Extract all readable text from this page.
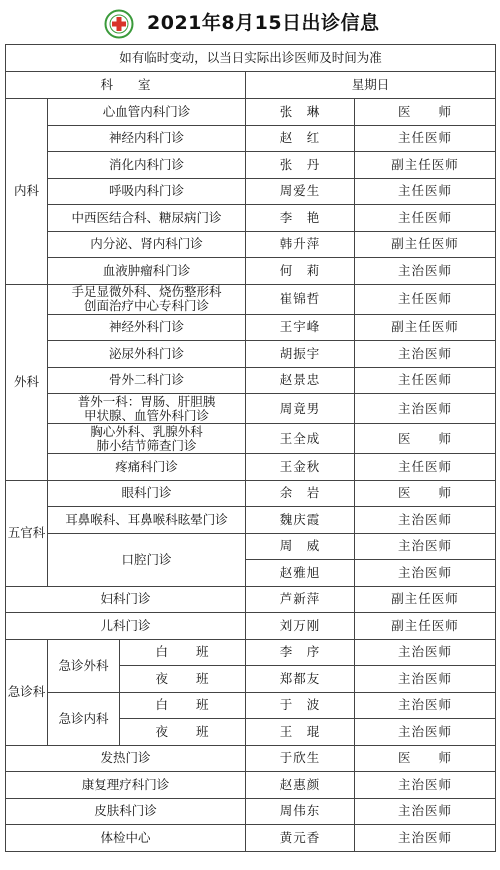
2021年8月15日出诊信息
如有临时变动，以当日实际出诊医师及时间为准				
科　　室			星期日	
内科	心血管内科门诊		张　琳	医　　师
	神经内科门诊		赵　红	主任医师
	消化内科门诊		张　丹	副主任医师
	呼吸内科门诊		周爱生	主任医师
	中西医结合科、糖尿病门诊		李　艳	主任医师
	内分泌、肾内科门诊		韩升萍	副主任医师
	血液肿瘤科门诊		何　莉	主治医师
外科	手足显微外科、烧伤整形科
创面治疗中心专科门诊		崔锦哲	主任医师
	神经外科门诊		王宇峰	副主任医师
	泌尿外科门诊		胡振宇	主治医师
	骨外二科门诊		赵景忠	主任医师

	普外一科：胃肠、肝胆胰
甲状腺、血管外科门诊		周竟男	主治医师

	胸心外科、乳腺外科
肺小结节筛查门诊		王全成	医　　师
	疼痛科门诊		王金秋	主任医师
五官科	眼科门诊		余　岩	医　　师
	耳鼻喉科、耳鼻喉科眩晕门诊		魏庆霞	主治医师
	口腔门诊		周　威	主治医师
			赵雅旭	主治医师
妇科门诊			芦新萍	副主任医师
儿科门诊			刘万刚	副主任医师
急诊科	急诊外科	白　　班	李　序	主治医师
		夜　　班	郑都友	主治医师
	急诊内科	白　　班	于　波	主治医师
		夜　　班	王　琨	主治医师
发热门诊			于欣生	医　　师
康复理疗科门诊			赵惠颜	主治医师
皮肤科门诊			周伟东	主治医师
体检中心			黄元香	主治医师
